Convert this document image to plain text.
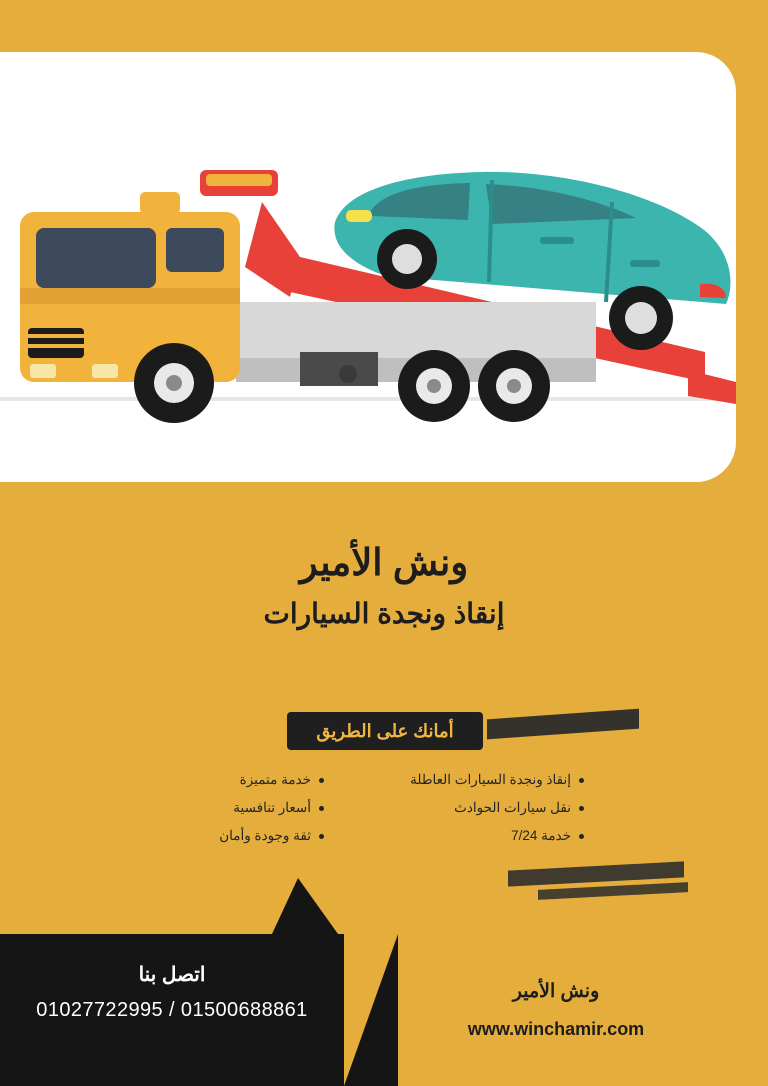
ونش الأمير
إنقاذ ونجدة السيارات
أمانك على الطريق
إنقاذ ونجدة السيارات العاطلة
نقل سيارات الحوادث
خدمة 7/24
خدمة متميزة
أسعار تنافسية
ثقة وجودة وأمان
اتصل بنا
01027722995 / 01500688861
ونش الأمير
www.winchamir.com
